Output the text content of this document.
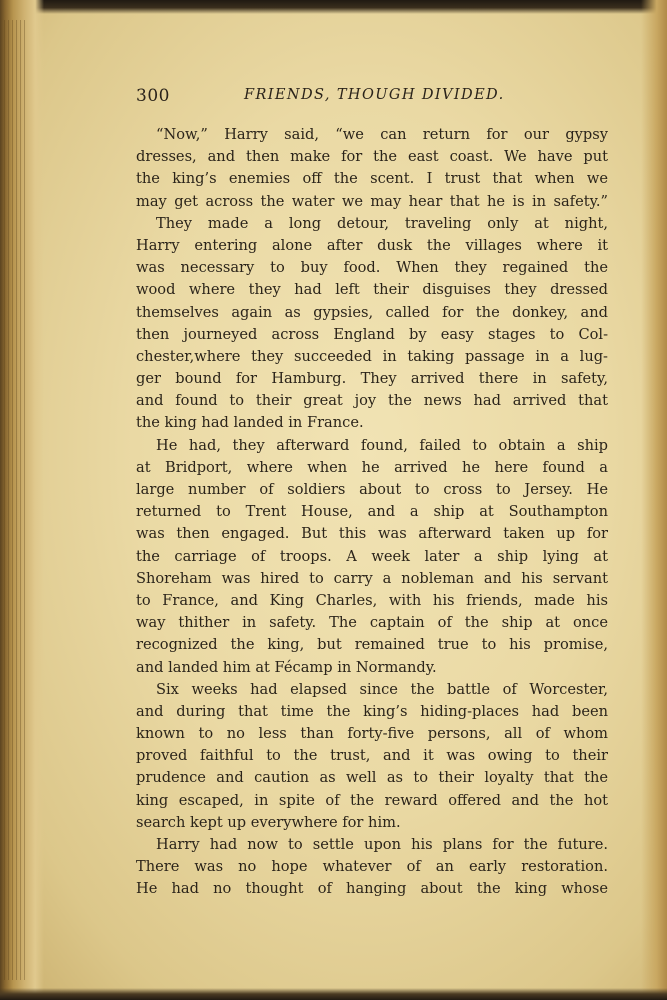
300	FRIENDS, THOUGH DIVIDED.
“Now,” Harry said, “we can return for our gypsy
dresses, and then make for the east coast. We have put
the king’s enemies off the scent. I trust that when we
may get across the water we may hear that he is in safety.”
They made a long detour, traveling only at night,
Harry entering alone after dusk the villages where it
was necessary to buy food. When they regained the
wood where they had left their disguises they dressed
themselves again as gypsies, called for the donkey, and
then journeyed across England by easy stages to Col-
chester,where they succeeded in taking passage in a lug-
ger bound for Hamburg. They arrived there in safety,
and found to their great joy the news had arrived that
the king had landed in France.
He had, they afterward found, failed to obtain a ship
at Bridport, where when he arrived he here found a
large number of soldiers about to cross to Jersey. He
returned to Trent House, and a ship at Southampton
was then engaged. But this was afterward taken up for
the carriage of troops. A week later a ship lying at
Shoreham was hired to carry a nobleman and his servant
to France, and King Charles, with his friends, made his
way thither in safety. The captain of the ship at once
recognized the king, but remained true to his promise,
and landed him at Fécamp in Normandy.
Six weeks had elapsed since the battle of Worcester,
and during that time the king’s hiding-places had been
known to no less than forty-five persons, all of whom
proved faithful to the trust, and it was owing to their
prudence and caution as well as to their loyalty that the
king escaped, in spite of the reward offered and the hot
search kept up everywhere for him.
Harry had now to settle upon his plans for the future.
There was no hope whatever of an early restoration.
He had no thought of hanging about the king whose
